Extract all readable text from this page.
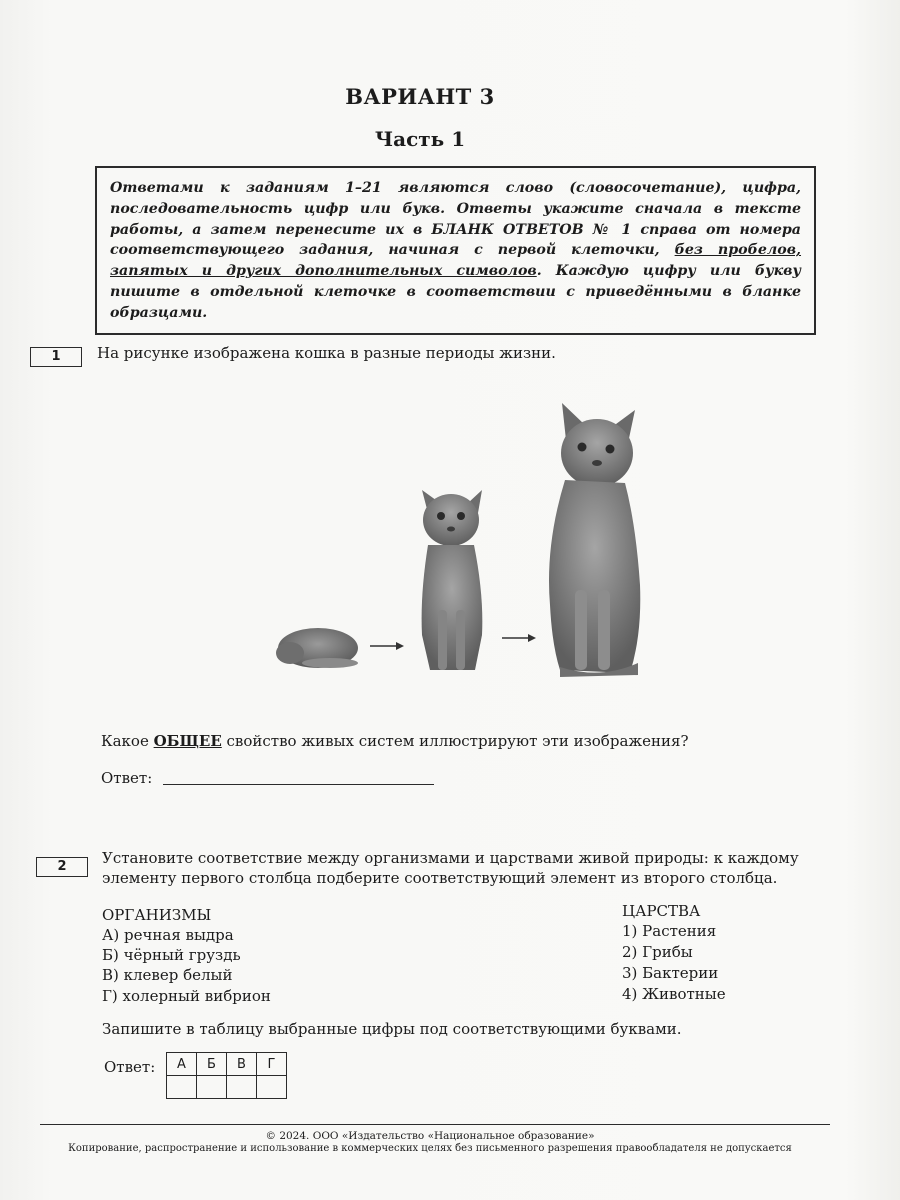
ВАРИАНТ 3
Часть 1
Ответами к заданиям 1–21 являются слово (словосочетание), цифра, последовательность цифр или букв. Ответы укажите сначала в тексте работы, а затем перенесите их в БЛАНК ОТВЕТОВ № 1 справа от номера соответствующего задания, начиная с первой клеточки, без пробелов, запятых и других дополнительных символов. Каждую цифру или букву пишите в отдельной клеточке в соответствии с приведёнными в бланке образцами.
1	На рисунке изображена кошка в разные периоды жизни.
Какое ОБЩЕЕ свойство живых систем иллюстрируют эти изображения?
Ответ:
2	Установите соответствие между организмами и царствами живой природы: к каждому
элементу первого столбца подберите соответствующий элемент из второго столбца.
ОРГАНИЗМЫ
А) речная выдра
Б) чёрный груздь
В) клевер белый
Г) холерный вибрион
ЦАРСТВА
1) Растения
2) Грибы
3) Бактерии
4) Животные
Запишите в таблицу выбранные цифры под соответствующими буквами.
Ответ: А	Б	В	Г

© 2024. ООО «Издательство «Национальное образование»
Копирование, распространение и использование в коммерческих целях без письменного разрешения правообладателя не допускается
